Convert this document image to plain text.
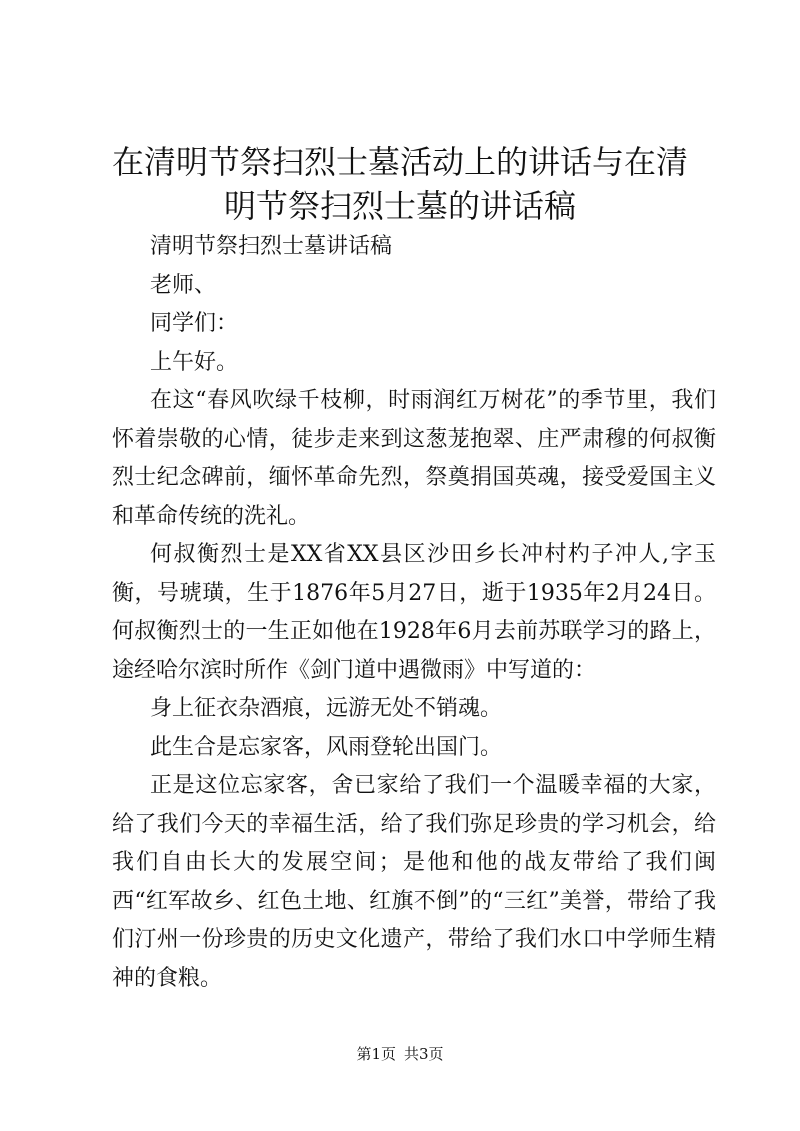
在清明节祭扫烈士墓活动上的讲话与在清明节祭扫烈士墓的讲话稿

清明节祭扫烈士墓讲话稿

老师、

同学们：

上午好。

在这“春风吹绿千枝柳，时雨润红万树花”的季节里，我们怀着崇敬的心情，徒步走来到这葱茏抱翠、庄严肃穆的何叔衡烈士纪念碑前，缅怀革命先烈，祭奠捐国英魂，接受爱国主义和革命传统的洗礼。

何叔衡烈士是XX省XX县区沙田乡长冲村杓子冲人,字玉衡，号琥璜，生于1876年5月27日，逝于1935年2月24日。何叔衡烈士的一生正如他在1928年6月去前苏联学习的路上，途经哈尔滨时所作《剑门道中遇微雨》中写道的：

身上征衣杂酒痕，远游无处不销魂。

此生合是忘家客，风雨登轮出国门。

正是这位忘家客，舍已家给了我们一个温暖幸福的大家，给了我们今天的幸福生活，给了我们弥足珍贵的学习机会，给我们自由长大的发展空间；是他和他的战友带给了我们闽西“红军故乡、红色土地、红旗不倒”的“三红”美誉，带给了我们汀州一份珍贵的历史文化遗产，带给了我们水口中学师生精神的食粮。

第1页 共3页
